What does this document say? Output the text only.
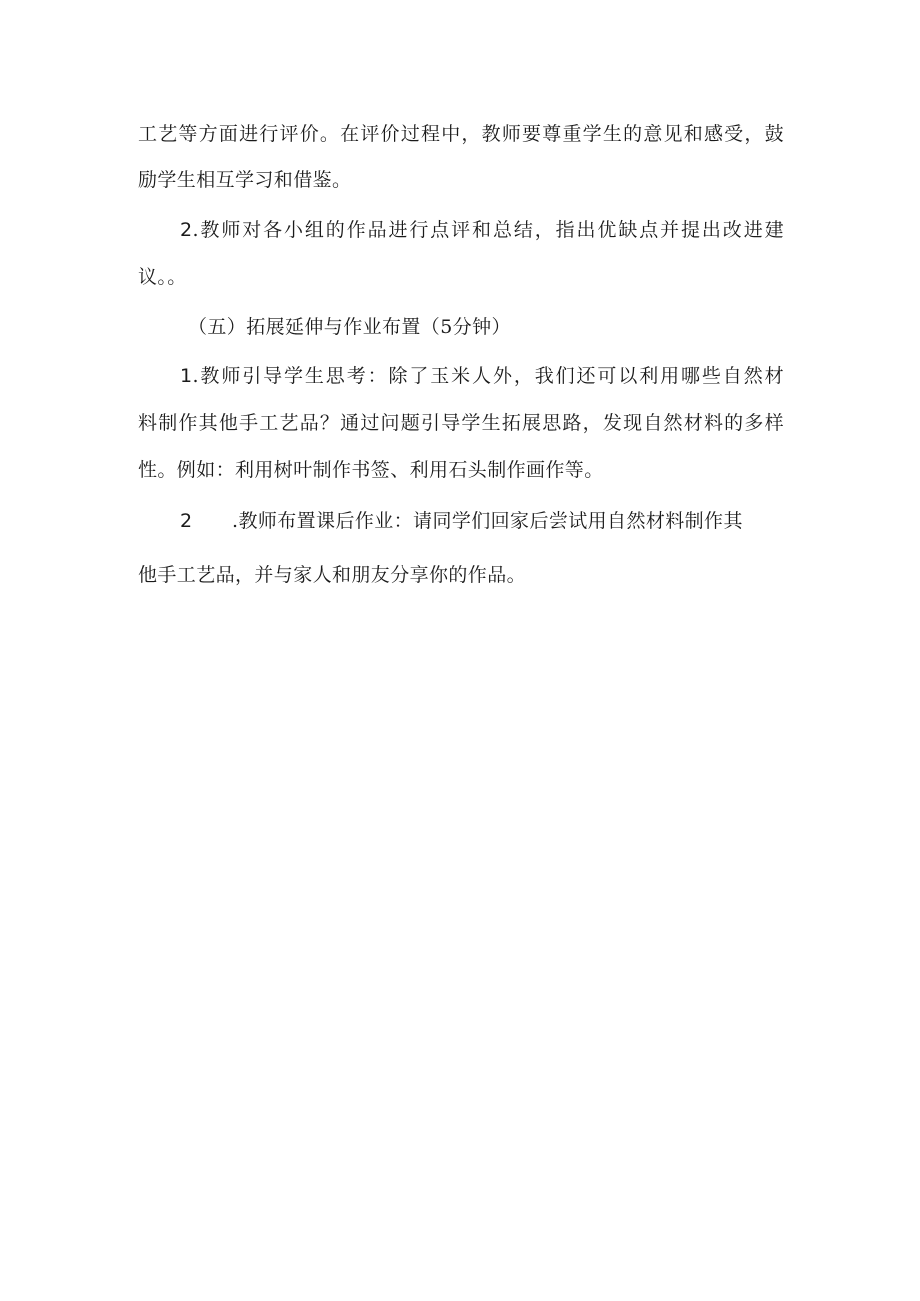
工艺等方面进行评价。在评价过程中，教师要尊重学生的意见和感受，鼓
励学生相互学习和借鉴。
2.教师对各小组的作品进行点评和总结，指出优缺点并提出改进建
议。。
（五）拓展延伸与作业布置（5分钟）
1.教师引导学生思考：除了玉米人外，我们还可以利用哪些自然材
料制作其他手工艺品？通过问题引导学生拓展思路，发现自然材料的多样
性。例如：利用树叶制作书签、利用石头制作画作等。
2 .教师布置课后作业：请同学们回家后尝试用自然材料制作其
他手工艺品，并与家人和朋友分享你的作品。
